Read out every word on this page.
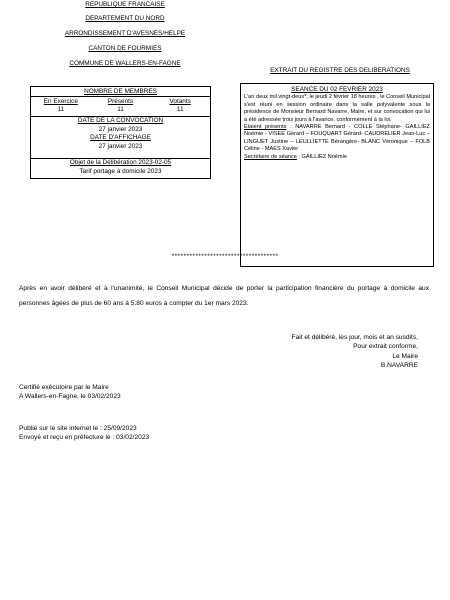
REPUBLIQUE FRANCAISE
DEPARTEMENT DU NORD
ARRONDISSEMENT D'AVESNES/HELPE
CANTON DE FOURMIES
COMMUNE DE WALLERS-EN-FAGNE
EXTRAIT DU REGISTRE DES DELIBERATIONS
NOMBRE DE MEMBRES
En Exercice
11
Présents
11
Votants
11
DATE DE LA CONVOCATION
27 janvier 2023
DATE D'AFFICHAGE
27 janvier 2023
Objet de la Délibération 2023-02-05
Tarif portage à domicile 2023
SEANCE DU 02 FEVRIER 2023
L'an deux mil vingt-deux*, le jeudi 2 février 18 heures , le Conseil Municipal s'est réuni en session ordinaire dans la salle polyvalente sous la présidence de Monsieur Bernard Navarre, Maire, et sur convocation qui lui a été adressée trois jours à l'avance, conformément à la loi.
Etaient présents : NAVARRE Bernard - COLLE Stéphane- GAILLIEZ Noémie - VISEE Gérard – FOUQUART Gérard- CAUDRELIER Jean-Luc – LINGUET Justine – LEULLIETTE Bérangère- BLANC Véronique – FOLB Céline - MAES Xavier
Secrétaire de séance : GAILLIEZ Noémie
************************************
Après en avoir délibéré et à l'unanimité, le Conseil Municipal décide de porter la participation financière du portage à domicile aux personnes âgées de plus de 60 ans à 5.80 euros à compter du 1er mars 2023.
Fait et délibéré, les jour, mois et an susdits,
Pour extrait conforme,
Le Maire
B.NAVARRE
Certifié exécutoire par le Maire
A Wallers-en-Fagne, le 03/02/2023
Publié sur le site internet le : 25/09/2023
Envoyé et reçu en préfecture le : 03/02/2023
